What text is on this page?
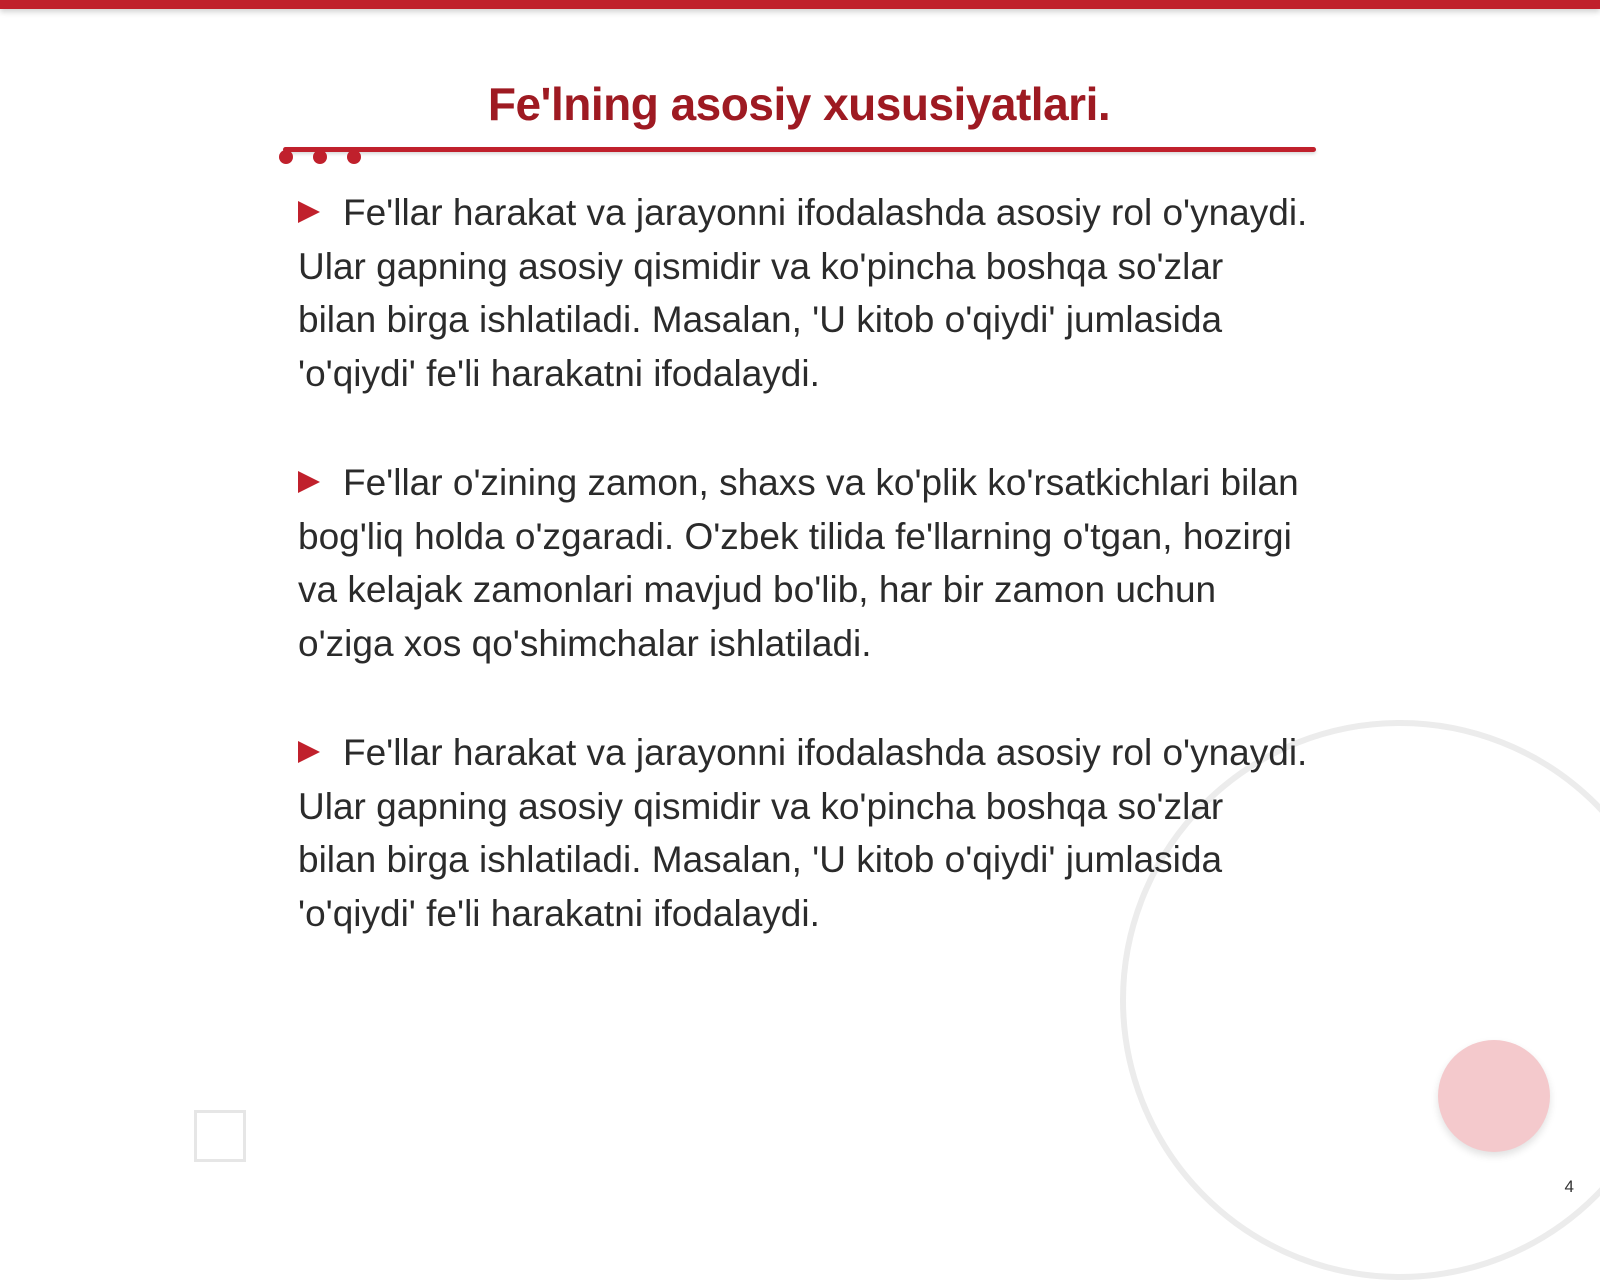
Fe'lning asosiy xususiyatlari.

Fe'llar harakat va jarayonni ifodalashda asosiy rol o'ynaydi. Ular gapning asosiy qismidir va ko'pincha boshqa so'zlar bilan birga ishlatiladi. Masalan, 'U kitob o'qiydi' jumlasida 'o'qiydi' fe'li harakatni ifodalaydi.

Fe'llar o'zining zamon, shaxs va ko'plik ko'rsatkichlari bilan bog'liq holda o'zgaradi. O'zbek tilida fe'llarning o'tgan, hozirgi va kelajak zamonlari mavjud bo'lib, har bir zamon uchun o'ziga xos qo'shimchalar ishlatiladi.

Fe'llar harakat va jarayonni ifodalashda asosiy rol o'ynaydi. Ular gapning asosiy qismidir va ko'pincha boshqa so'zlar bilan birga ishlatiladi. Masalan, 'U kitob o'qiydi' jumlasida 'o'qiydi' fe'li harakatni ifodalaydi.

4
